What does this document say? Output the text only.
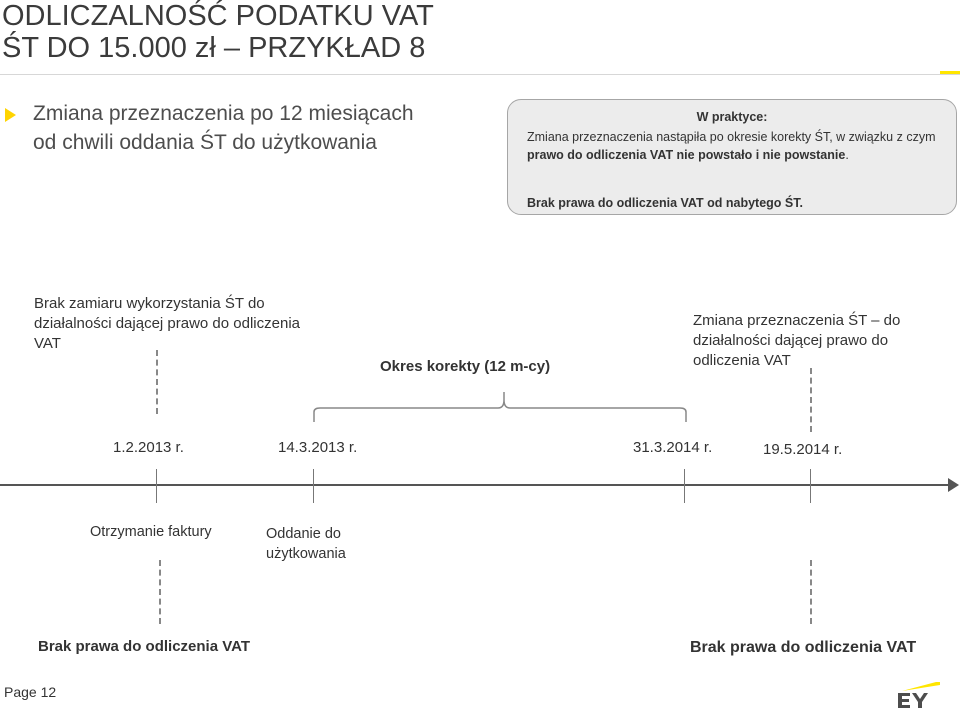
ODLICZALNOŚĆ PODATKU VAT
ŚT DO 15.000 zł – PRZYKŁAD 8
Zmiana przeznaczenia po 12 miesiącach
od chwili oddania ŚT do użytkowania
W praktyce:
Zmiana przeznaczenia nastąpiła po okresie korekty ŚT, w związku z czym prawo do odliczenia VAT nie powstało i nie powstanie.
Brak prawa do odliczenia VAT od nabytego ŚT.
Brak zamiaru wykorzystania ŚT do działalności dającej prawo do odliczenia VAT
Zmiana przeznaczenia ŚT – do działalności dającej prawo do odliczenia VAT
Okres korekty (12 m-cy)
1.2.2013 r.	14.3.2013 r.	31.3.2014 r.	19.5.2014 r.
Otrzymanie faktury	Oddanie do użytkowania
Brak prawa do odliczenia VAT	Brak prawa do odliczenia VAT
Page 12
